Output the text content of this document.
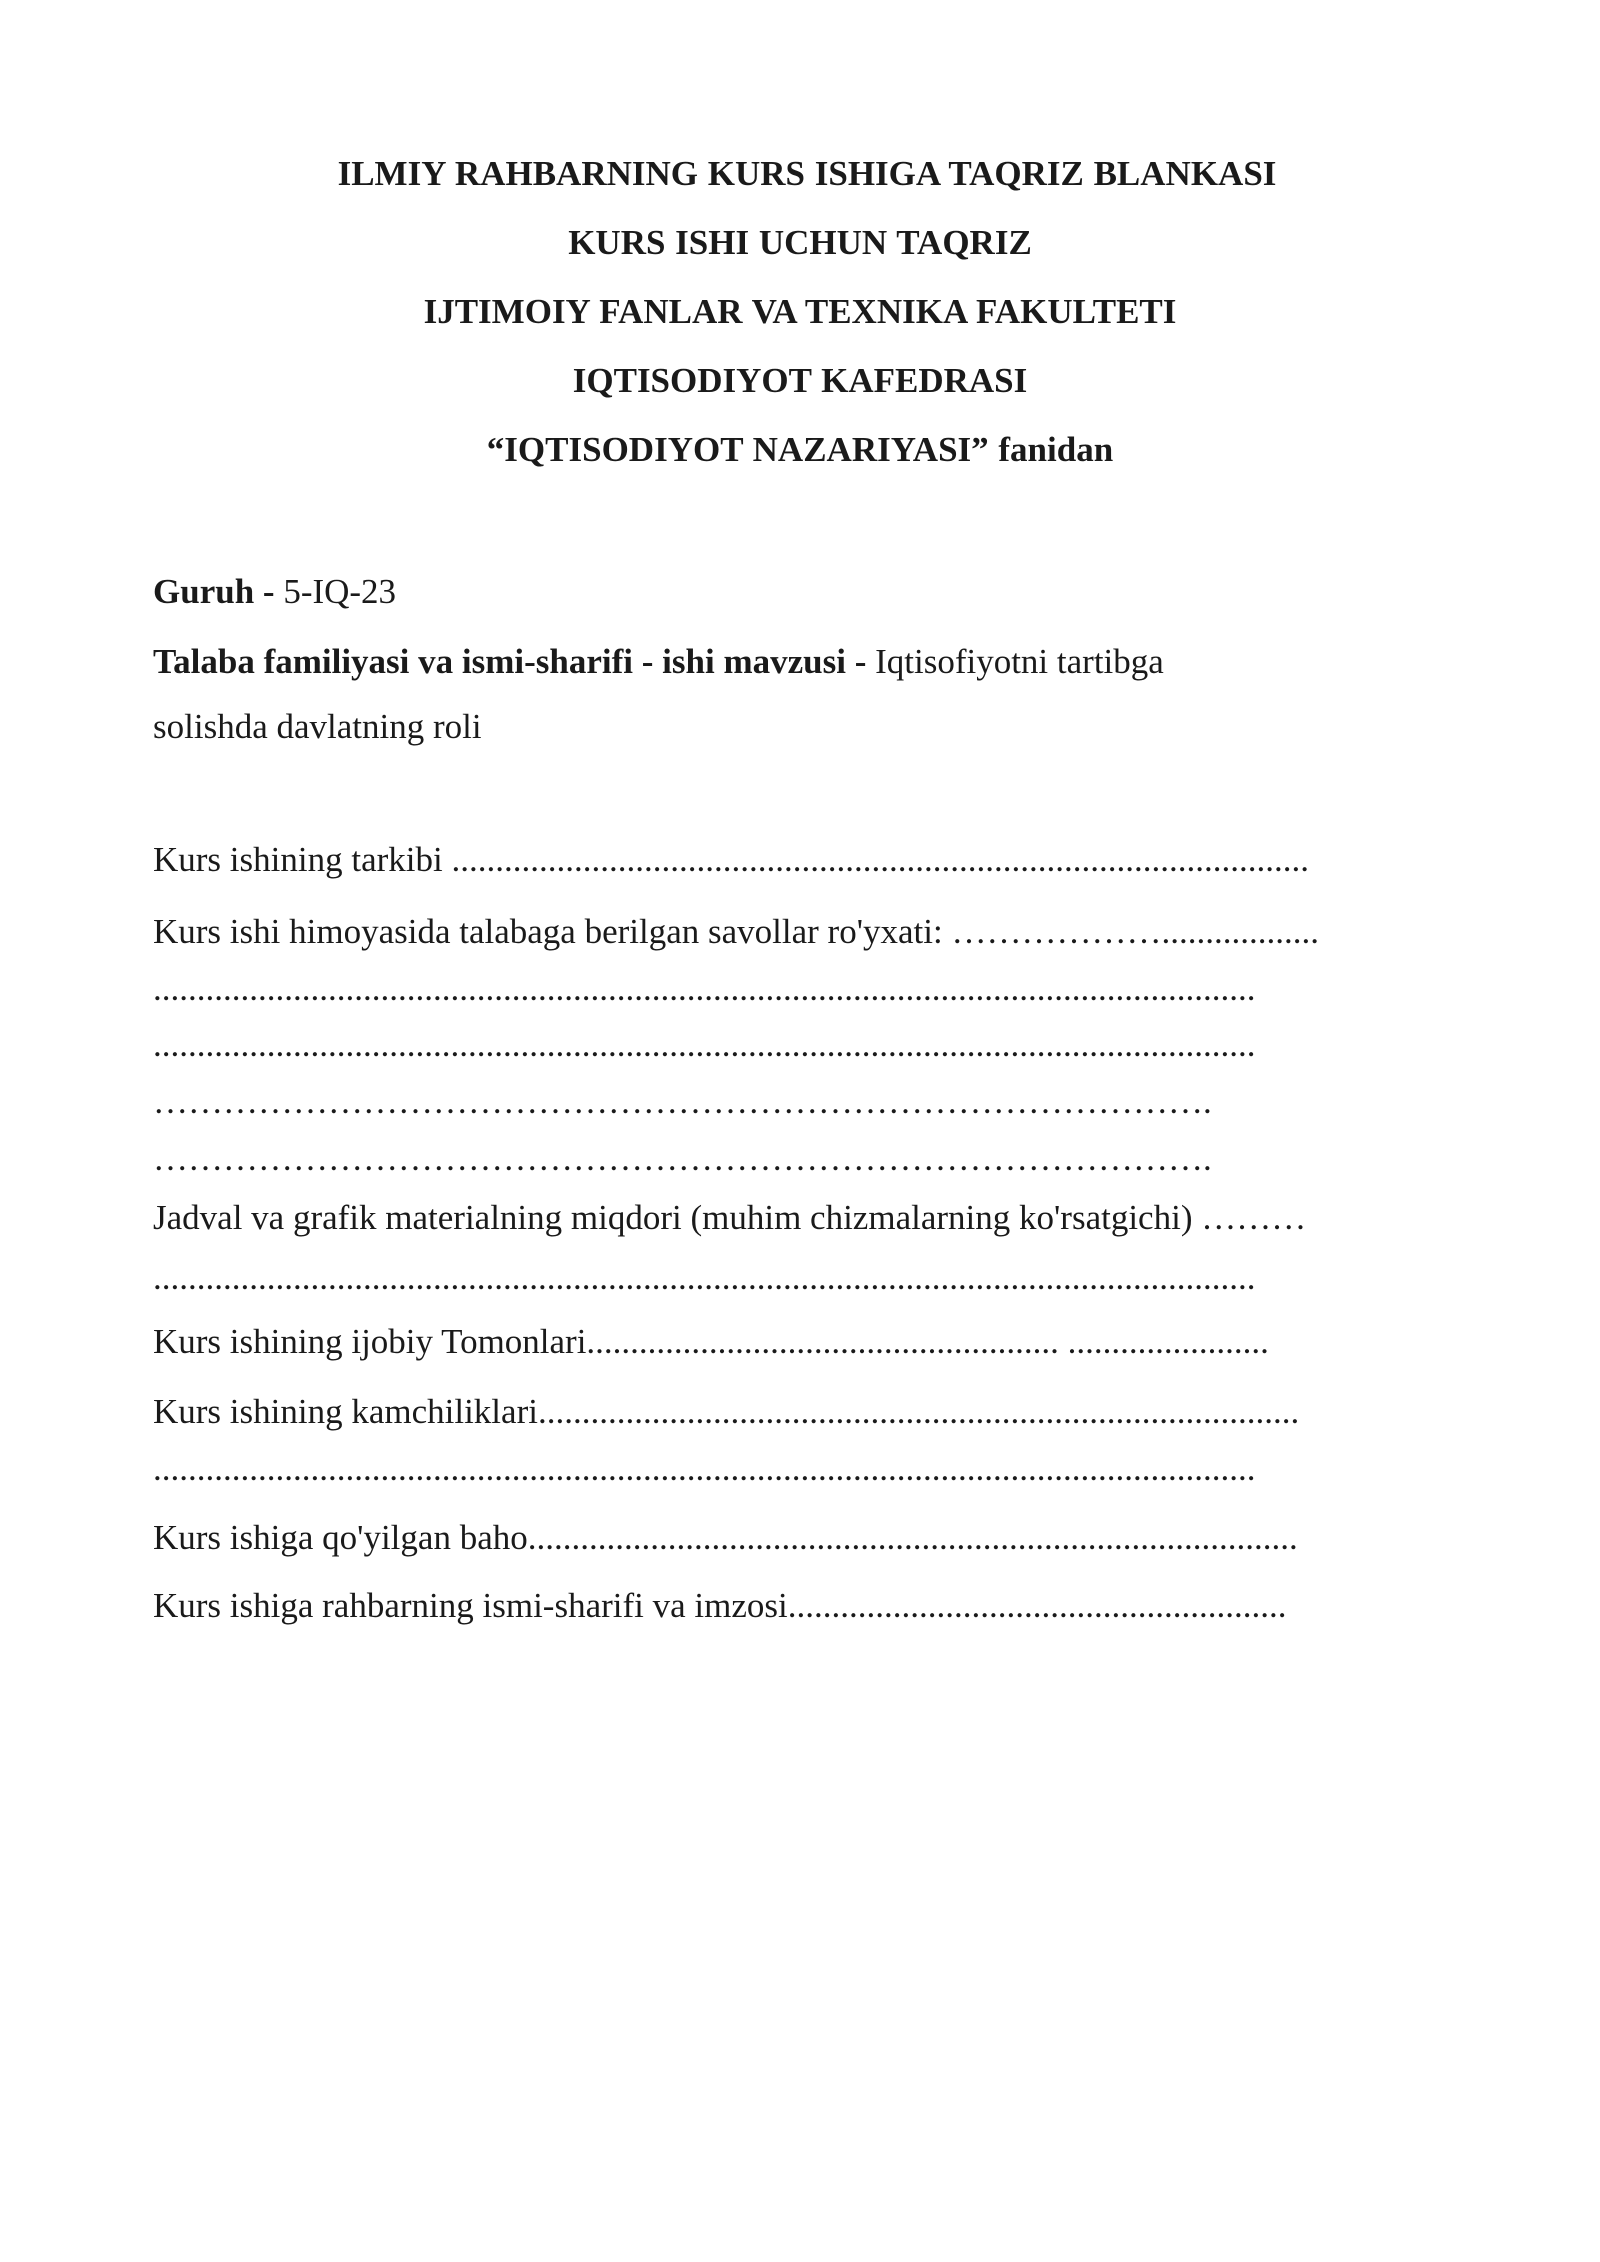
ILMIY RAHBARNING KURS ISHIGA TAQRIZ BLANKASI
KURS ISHI UCHUN TAQRIZ
IJTIMOIY FANLAR VA TEXNIKA FAKULTETI
IQTISODIYOT KAFEDRASI
“IQTISODIYOT NAZARIYASI” fanidan
Guruh - 5-IQ-23
Talaba familiyasi va ismi-sharifi - ishi mavzusi - Iqtisofiyotni tartibga
solishda davlatning roli
Kurs ishining tarkibi ..................................................................................................
Kurs ishi himoyasida talabaga berilgan savollar ro'yxati: ………………..................
..............................................................................................................................
..............................................................................................................................
……………………………………………………………………………….
……………………………………………………………………………….
Jadval va grafik materialning miqdori (muhim chizmalarning ko'rsatgichi) ………
..............................................................................................................................
Kurs ishining ijobiy Tomonlari...................................................... .......................
Kurs ishining kamchiliklari.......................................................................................
..............................................................................................................................
Kurs ishiga qo'yilgan baho........................................................................................
Kurs ishiga rahbarning ismi-sharifi va imzosi.........................................................
